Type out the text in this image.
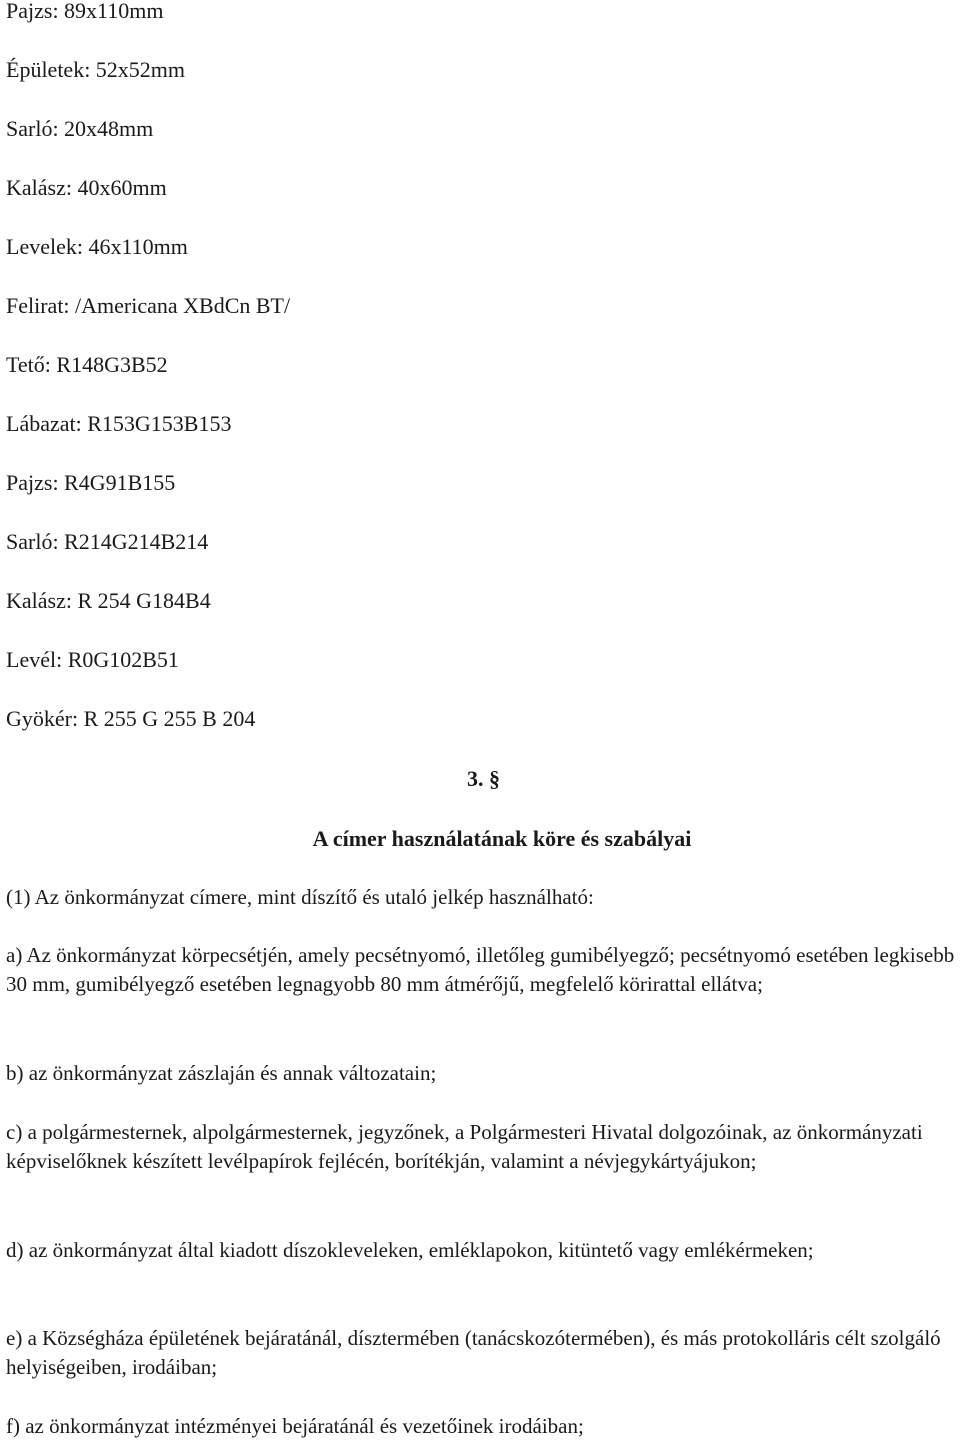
Pajzs: 89x110mm

Épületek: 52x52mm

Sarló: 20x48mm

Kalász: 40x60mm

Levelek: 46x110mm

Felirat: /Americana XBdCn BT/

Tető: R148G3B52

Lábazat: R153G153B153

Pajzs: R4G91B155

Sarló: R214G214B214

Kalász: R 254 G184B4

Levél: R0G102B51

Gyökér: R 255 G 255 B 204

3. §

A címer használatának köre és szabályai

(1) Az önkormányzat címere, mint díszítő és utaló jelkép használható:

a) Az önkormányzat körpecsétjén, amely pecsétnyomó, illetőleg gumibélyegző; pecsétnyomó esetében legkisebb 30 mm, gumibélyegző esetében legnagyobb 80 mm átmérőjű, megfelelő körirattal ellátva;

b) az önkormányzat zászlaján és annak változatain;

c) a polgármesternek, alpolgármesternek, jegyzőnek, a Polgármesteri Hivatal dolgozóinak, az önkormányzati képviselőknek készített levélpapírok fejlécén, borítékján, valamint a névjegykártyájukon;

d) az önkormányzat által kiadott díszokleveleken, emléklapokon, kitüntető vagy emlékérmeken;

e) a Községháza épületének bejáratánál, dísztermében (tanácskozótermében), és más protokolláris célt szolgáló helyiségeiben, irodáiban;

f) az önkormányzat intézményei bejáratánál és vezetőinek irodáiban;
